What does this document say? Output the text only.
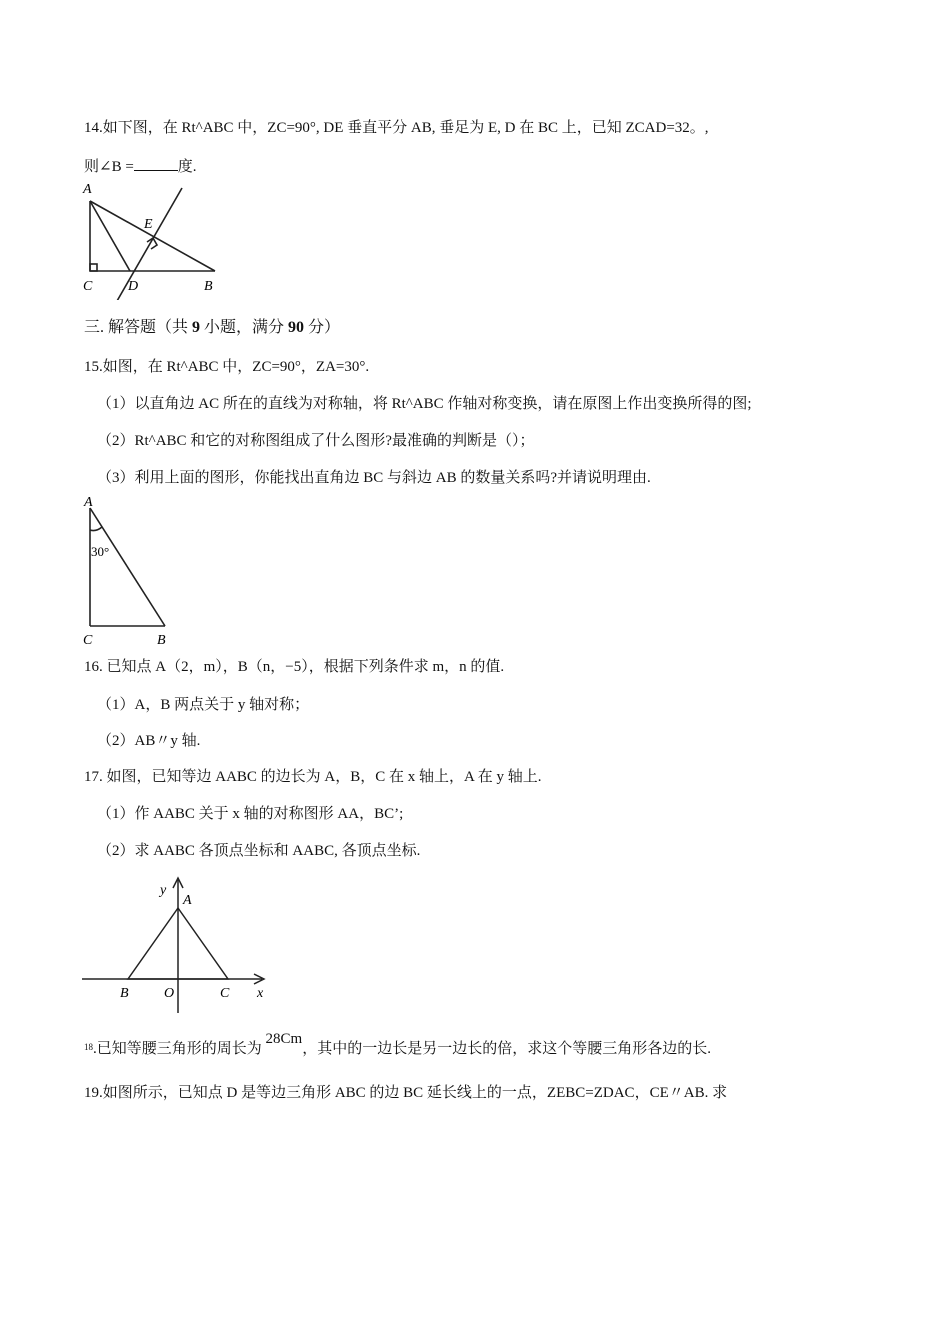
14.如下图，在 Rt^ABC 中，ZC=90°, DE 垂直平分 AB, 垂足为 E, D 在 BC 上，已知 ZCAD=32。,
则∠B =	度.
A
E
C	D	B
三. 解答题（共 9 小题，满分 90 分）
15.如图，在 Rt^ABC 中，ZC=90°，ZA=30°.
（1）以直角边 AC 所在的直线为对称轴，将 Rt^ABC 作轴对称变换，请在原图上作出变换所得的图;
（2）Rt^ABC 和它的对称图组成了什么图形?最准确的判断是（）；
（3）利用上面的图形，你能找出直角边 BC 与斜边 AB 的数量关系吗?并请说明理由.
A
30°
C	B
16. 已知点 A（2，m），B（n，−5），根据下列条件求 m，n 的值.
（1）A，B 两点关于 y 轴对称；
（2）AB〃y 轴.
17. 如图，已知等边 AABC 的边长为 A，B，C 在 x 轴上，A 在 y 轴上.
（1）作 AABC 关于 x 轴的对称图形 AA，BC’;
（2）求 AABC 各顶点坐标和 AABC, 各顶点坐标.
y
A
B	O	C x
$^{18}$.已知等腰三角形的周长为 28Cm，其中的一边长是另一边长的倍，求这个等腰三角形各边的长.
19.如图所示，已知点 D 是等边三角形 ABC 的边 BC 延长线上的一点，ZEBC=ZDAC，CE〃AB. 求
